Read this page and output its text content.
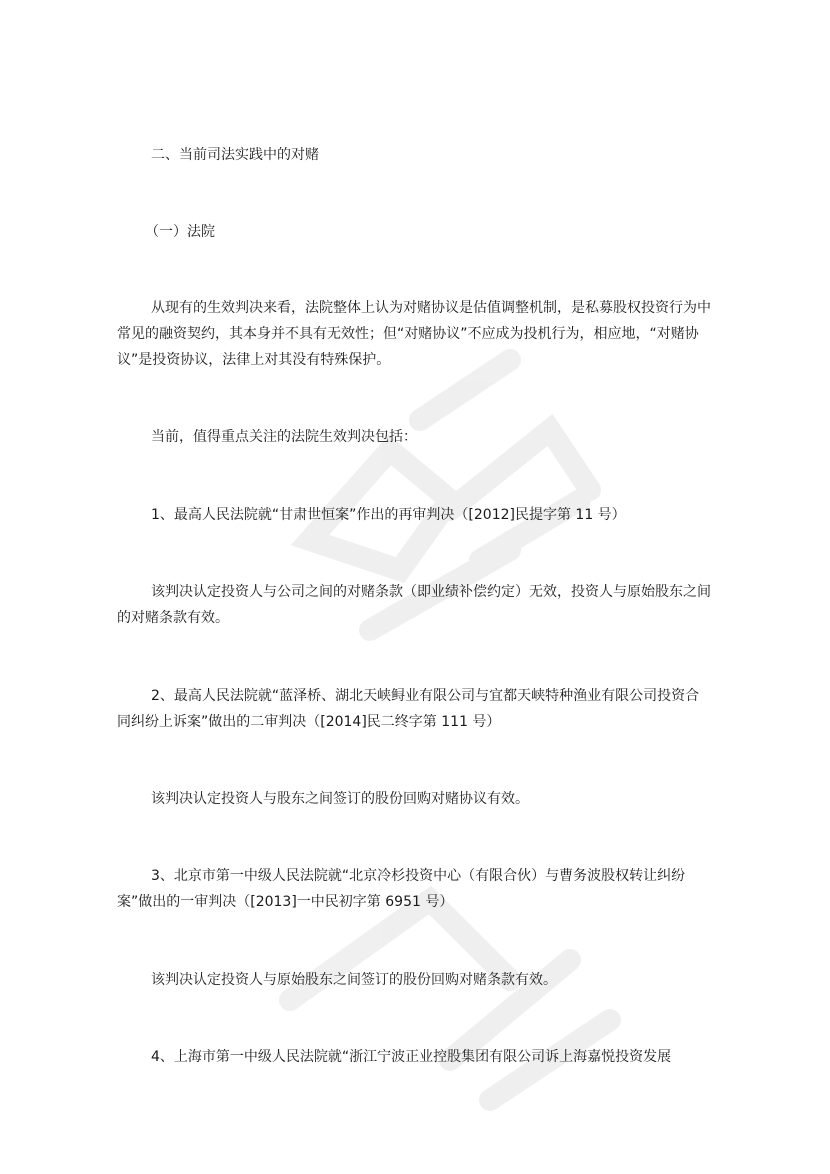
二、当前司法实践中的对赌

（一）法院

从现有的生效判决来看，法院整体上认为对赌协议是估值调整机制，是私募股权投资行为中常见的融资契约，其本身并不具有无效性；但“对赌协议”不应成为投机行为，相应地，“对赌协议”是投资协议，法律上对其没有特殊保护。

当前，值得重点关注的法院生效判决包括：

1、最高人民法院就“甘肃世恒案”作出的再审判决（[2012]民提字第 11 号）

该判决认定投资人与公司之间的对赌条款（即业绩补偿约定）无效，投资人与原始股东之间的对赌条款有效。

2、最高人民法院就“蓝泽桥、湖北天峡鲟业有限公司与宜都天峡特种渔业有限公司投资合同纠纷上诉案”做出的二审判决（[2014]民二终字第 111 号）

该判决认定投资人与股东之间签订的股份回购对赌协议有效。

3、北京市第一中级人民法院就“北京冷杉投资中心（有限合伙）与曹务波股权转让纠纷案”做出的一审判决（[2013]一中民初字第 6951 号）

该判决认定投资人与原始股东之间签订的股份回购对赌条款有效。

4、上海市第一中级人民法院就“浙江宁波正业控股集团有限公司诉上海嘉悦投资发展
